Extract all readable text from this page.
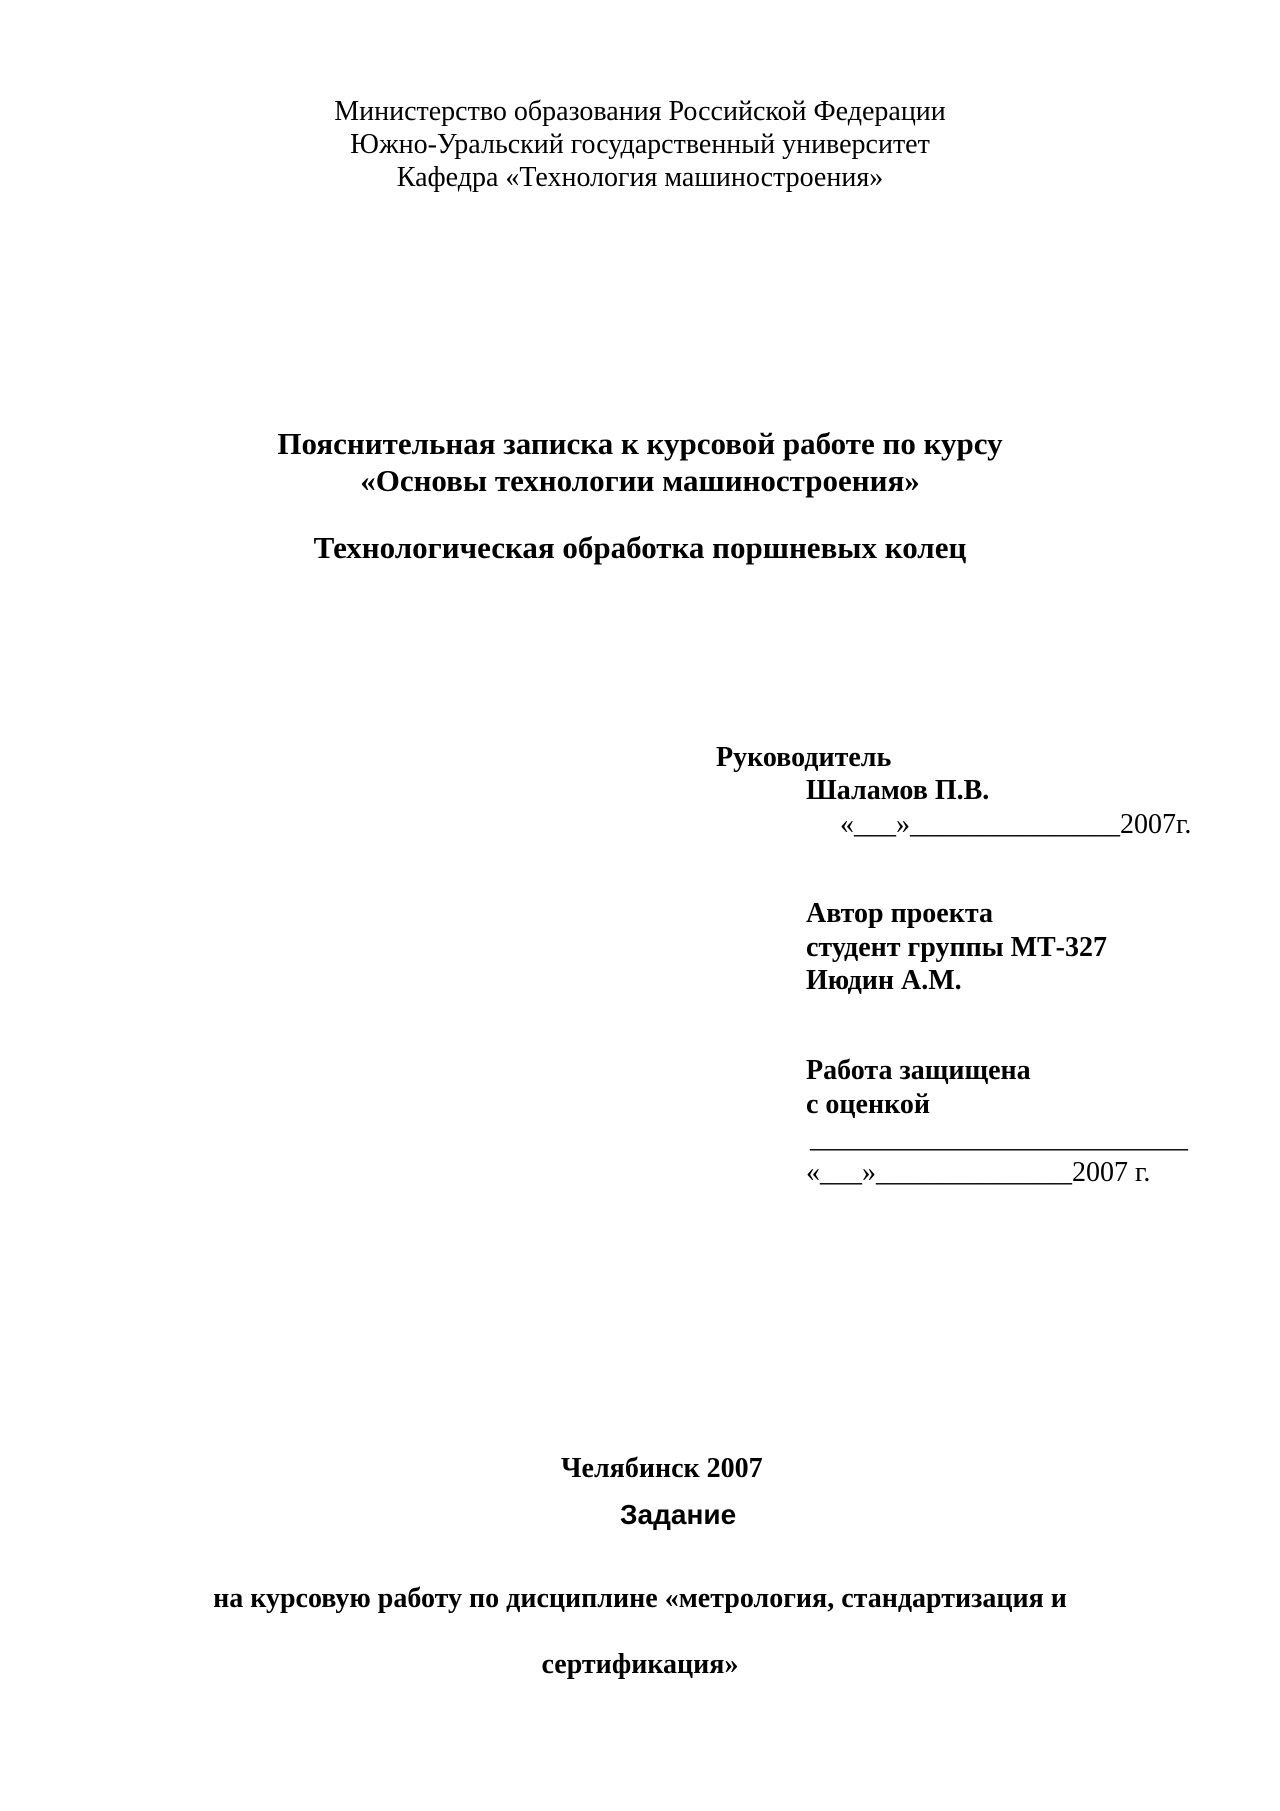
Министерство образования Российской Федерации
Южно-Уральский государственный университет
Кафедра «Технология машиностроения»
Пояснительная записка к курсовой работе по курсу
«Основы технологии машиностроения»
Технологическая обработка поршневых колец
Руководитель
Шаламов П.В.
«___»_______________2007г.
Автор проекта
студент группы МТ-327
Июдин А.М.
Работа защищена
с оценкой
___________________________
«___»______________2007 г.
Челябинск 2007
Задание
на курсовую работу по дисциплине «метрология, стандартизация и
сертификация»
